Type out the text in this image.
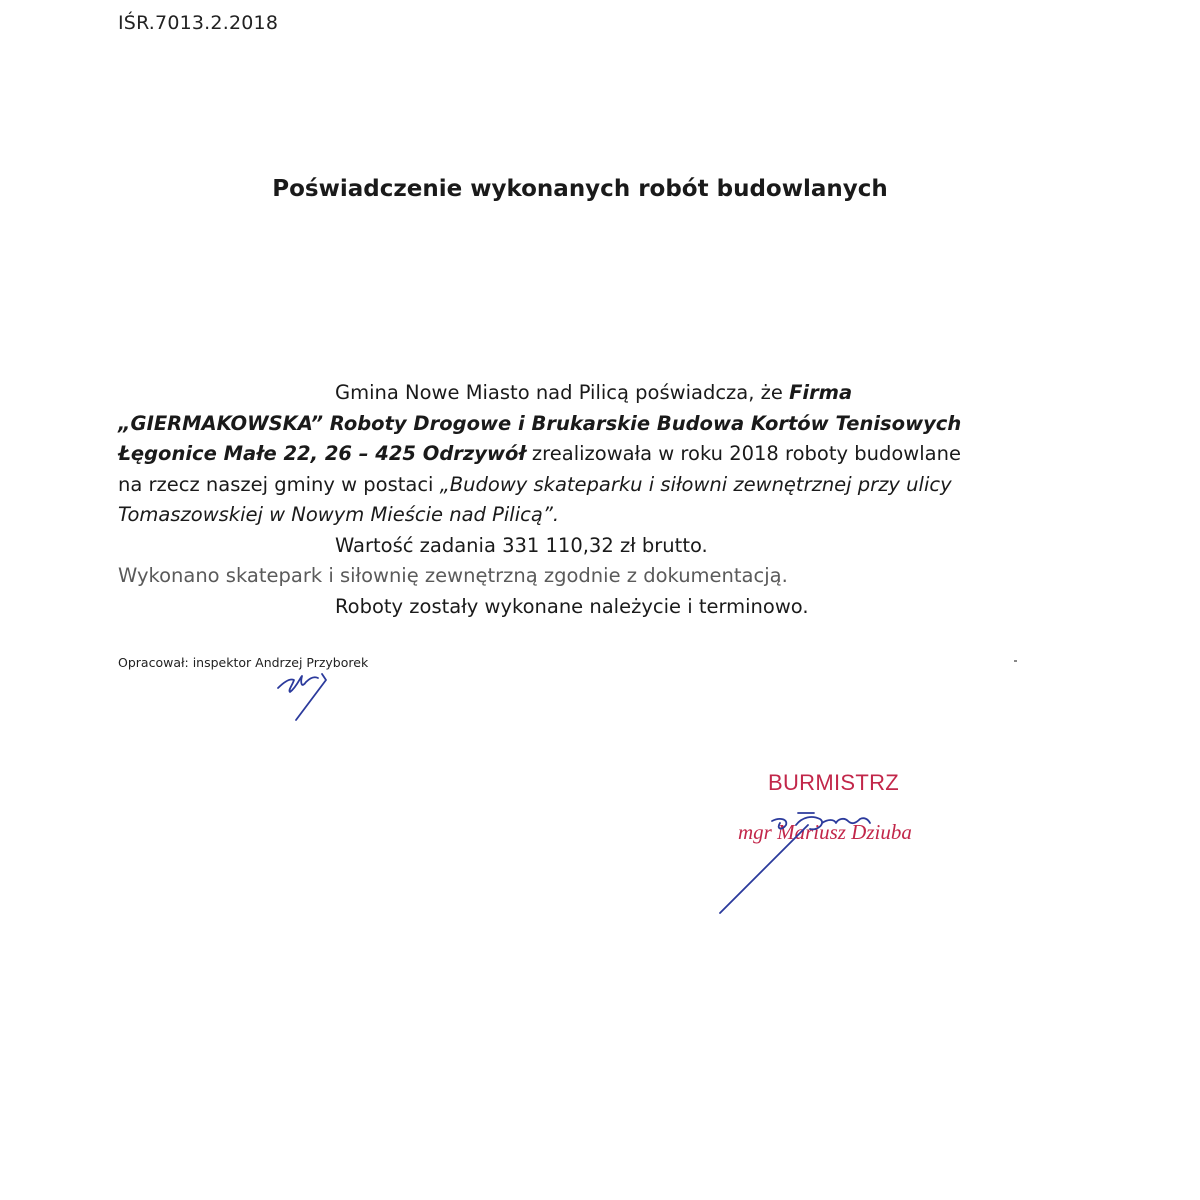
IŚR.7013.2.2018
Poświadczenie wykonanych robót budowlanych

Gmina Nowe Miasto nad Pilicą poświadcza, że Firma

„GIERMAKOWSKA” Roboty Drogowe i Brukarskie Budowa Kortów Tenisowych

Łęgonice Małe 22, 26 – 425 Odrzywół zrealizowała w roku 2018 roboty budowlane

na rzecz naszej gminy w postaci „Budowy skateparku i siłowni zewnętrznej przy ulicy

Tomaszowskiej w Nowym Mieście nad Pilicą”.

Wartość zadania 331 110,32 zł brutto.

Wykonano skatepark i siłownię zewnętrzną zgodnie z dokumentacją.

Roboty zostały wykonane należycie i terminowo.

Opracował: inspektor Andrzej Przyborek
BURMISTRZ
mgr Mariusz Dziuba
